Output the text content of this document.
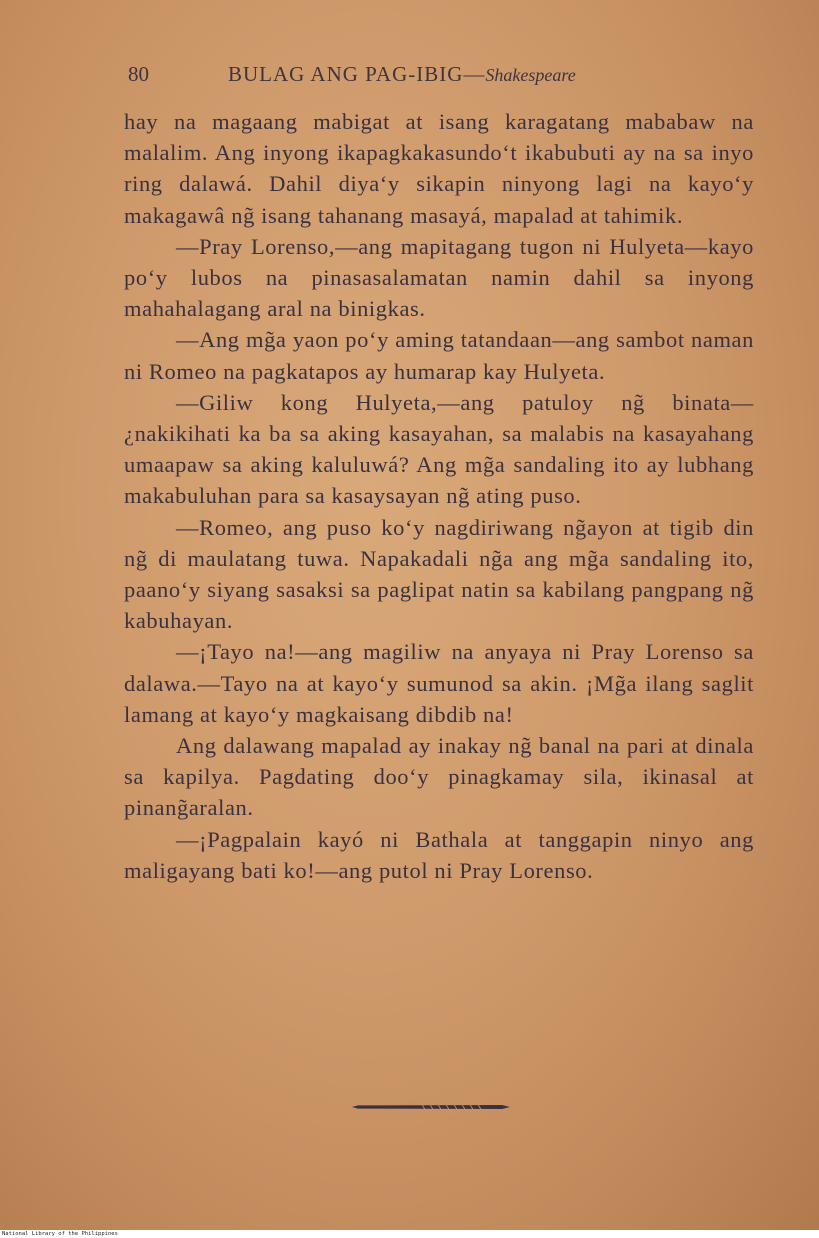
80	BULAG ANG PAG-IBIG—Shakespeare

hay na magaang mabigat at isang karagatang mababaw na malalim. Ang inyong ikapagkakasundo‘t ikabubuti ay na sa inyo ring dalawá. Dahil diya‘y sikapin ninyong lagi na kayo‘y makagawâ ng̃ isang tahanang masayá, mapalad at tahimik.

—Pray Lorenso,—ang mapitagang tugon ni Hulyeta—kayo po‘y lubos na pinasasalamatan namin dahil sa inyong mahahalagang aral na binigkas.

—Ang mg̃a yaon po‘y aming tatandaan—ang sambot naman ni Romeo na pagkatapos ay humarap kay Hulyeta.

—Giliw kong Hulyeta,—ang patuloy ng̃ binata—¿nakikihati ka ba sa aking kasayahan, sa malabis na kasayahang umaapaw sa aking kaluluwá? Ang mg̃a sandaling ito ay lubhang makabuluhan para sa kasaysayan ng̃ ating puso.

—Romeo, ang puso ko‘y nagdiriwang ng̃ayon at tigib din ng̃ di maulatang tuwa. Napakadali ng̃a ang mg̃a sandaling ito, paano‘y siyang sasaksi sa paglipat natin sa kabilang pangpang ng̃ kabuhayan.

—¡Tayo na!—ang magiliw na anyaya ni Pray Lorenso sa dalawa.—Tayo na at kayo‘y sumunod sa akin. ¡Mg̃a ilang saglit lamang at kayo‘y magkaisang dibdib na!

Ang dalawang mapalad ay inakay ng̃ banal na pari at dinala sa kapilya. Pagdating doo‘y pinagkamay sila, ikinasal at pinang̃aralan.

—¡Pagpalain kayó ni Bathala at tanggapin ninyo ang maligayang bati ko!—ang putol ni Pray Lorenso.

National Library of the Philippines
